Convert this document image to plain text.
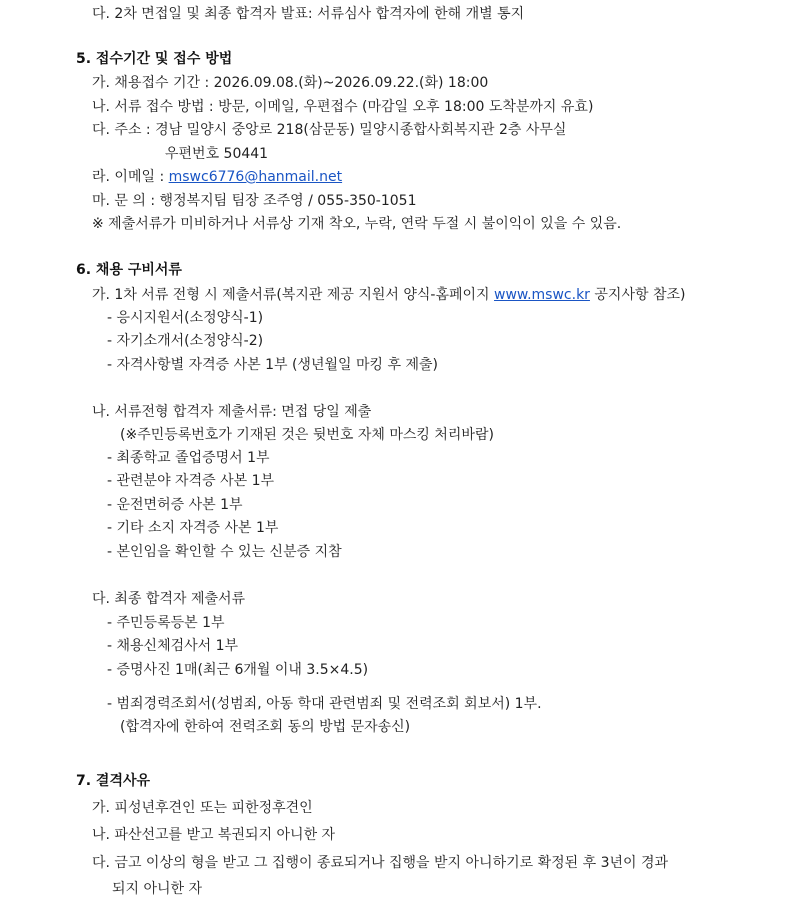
다. 2차 면접일 및 최종 합격자 발표: 서류심사 합격자에 한해 개별 통지
5. 접수기간 및 접수 방법
가. 채용접수 기간 : 2026.09.08.(화)~2026.09.22.(화) 18:00
나. 서류 접수 방법 : 방문, 이메일, 우편접수 (마감일 오후 18:00 도착분까지 유효)
다. 주소 : 경남 밀양시 중앙로 218(삼문동) 밀양시종합사회복지관 2층 사무실
우편번호 50441
라. 이메일 : mswc6776@hanmail.net
마. 문 의 : 행정복지팀 팀장 조주영 / 055-350-1051
※ 제출서류가 미비하거나 서류상 기재 착오, 누락, 연락 두절 시 불이익이 있을 수 있음.
6. 채용 구비서류
가. 1차 서류 전형 시 제출서류(복지관 제공 지원서 양식-홈페이지 www.mswc.kr 공지사항 참조)
- 응시지원서(소정양식-1)
- 자기소개서(소정양식-2)
- 자격사항별 자격증 사본 1부 (생년월일 마킹 후 제출)
나. 서류전형 합격자 제출서류: 면접 당일 제출
(※주민등록번호가 기재된 것은 뒷번호 자체 마스킹 처리바람)
- 최종학교 졸업증명서 1부
- 관련분야 자격증 사본 1부
- 운전면허증 사본 1부
- 기타 소지 자격증 사본 1부
- 본인임을 확인할 수 있는 신분증 지참
다. 최종 합격자 제출서류
- 주민등록등본 1부
- 채용신체검사서 1부
- 증명사진 1매(최근 6개월 이내 3.5×4.5)
- 범죄경력조회서(성범죄, 아동 학대 관련범죄 및 전력조회 회보서) 1부.
(합격자에 한하여 전력조회 동의 방법 문자송신)
7. 결격사유
가. 피성년후견인 또는 피한정후견인
나. 파산선고를 받고 복권되지 아니한 자
다. 금고 이상의 형을 받고 그 집행이 종료되거나 집행을 받지 아니하기로 확정된 후 3년이 경과
되지 아니한 자
